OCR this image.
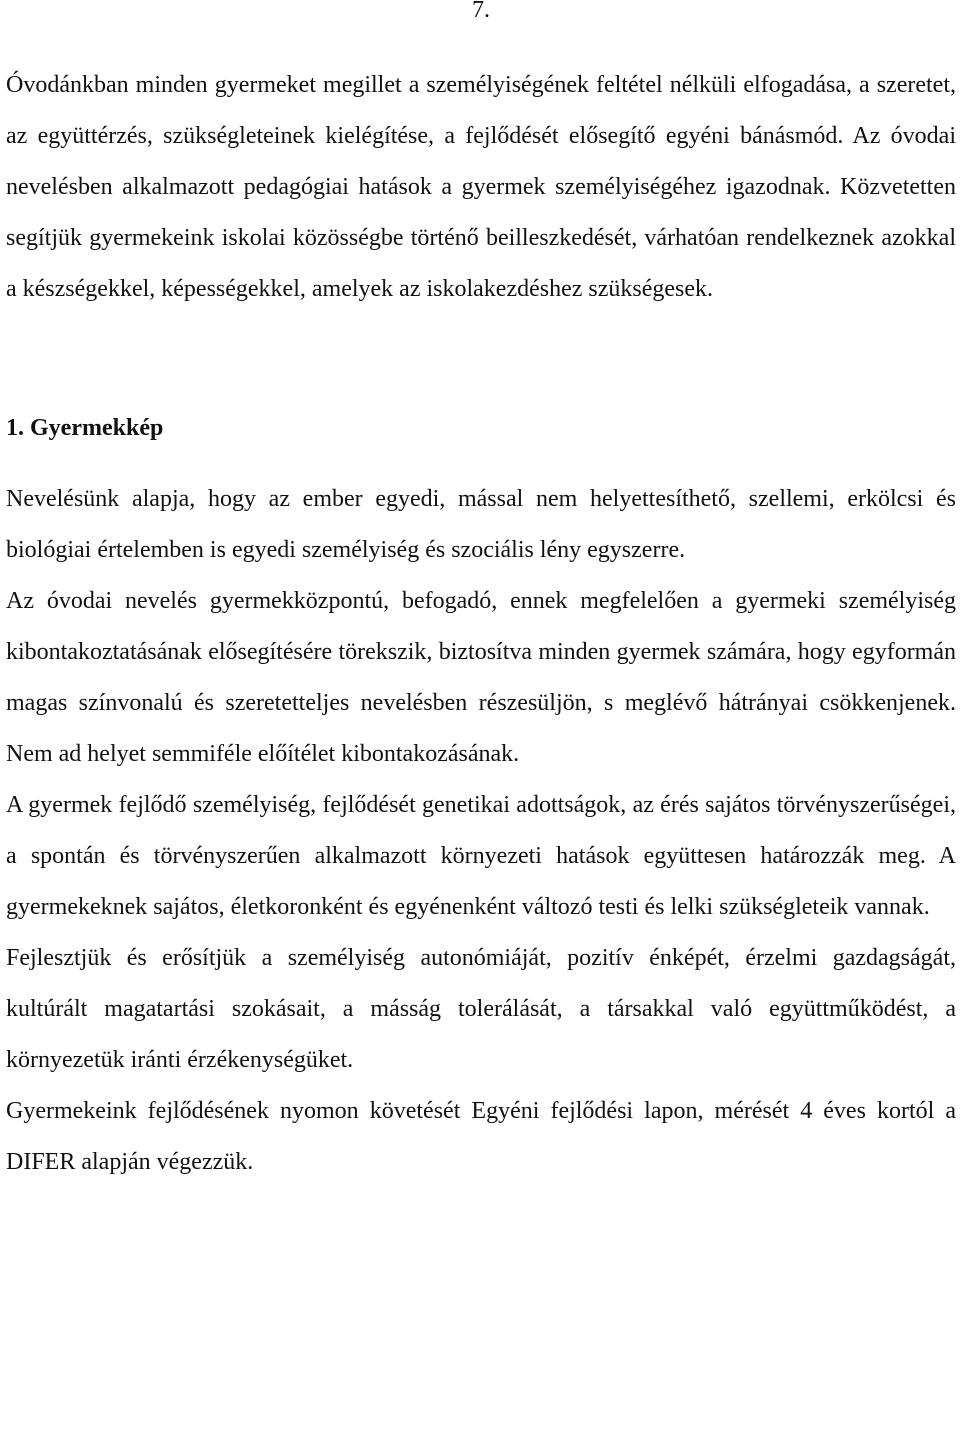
7.

Óvodánkban minden gyermeket megillet a személyiségének feltétel nélküli elfogadása, a szeretet, az együttérzés, szükségleteinek kielégítése, a fejlődését elősegítő egyéni bánásmód. Az óvodai nevelésben alkalmazott pedagógiai hatások a gyermek személyiségéhez igazodnak. Közvetetten segítjük gyermekeink iskolai közösségbe történő beilleszkedését, várhatóan rendelkeznek azokkal a készségekkel, képességekkel, amelyek az iskolakezdéshez szükségesek.

1. Gyermekkép

Nevelésünk alapja, hogy az ember egyedi, mással nem helyettesíthető, szellemi, erkölcsi és biológiai értelemben is egyedi személyiség és szociális lény egyszerre.

Az óvodai nevelés gyermekközpontú, befogadó, ennek megfelelően a gyermeki személyiség kibontakoztatásának elősegítésére törekszik, biztosítva minden gyermek számára, hogy egyformán magas színvonalú és szeretetteljes nevelésben részesüljön, s meglévő hátrányai csökkenjenek. Nem ad helyet semmiféle előítélet kibontakozásának.

A gyermek fejlődő személyiség, fejlődését genetikai adottságok, az érés sajátos törvényszerűségei, a spontán és törvényszerűen alkalmazott környezeti hatások együttesen határozzák meg. A gyermekeknek sajátos, életkoronként és egyénenként változó testi és lelki szükségleteik vannak.

Fejlesztjük és erősítjük a személyiség autonómiáját, pozitív énképét, érzelmi gazdagságát, kultúrált magatartási szokásait, a másság tolerálását, a társakkal való együttműködést, a környezetük iránti érzékenységüket.

Gyermekeink fejlődésének nyomon követését Egyéni fejlődési lapon, mérését 4 éves kortól a DIFER alapján végezzük.
